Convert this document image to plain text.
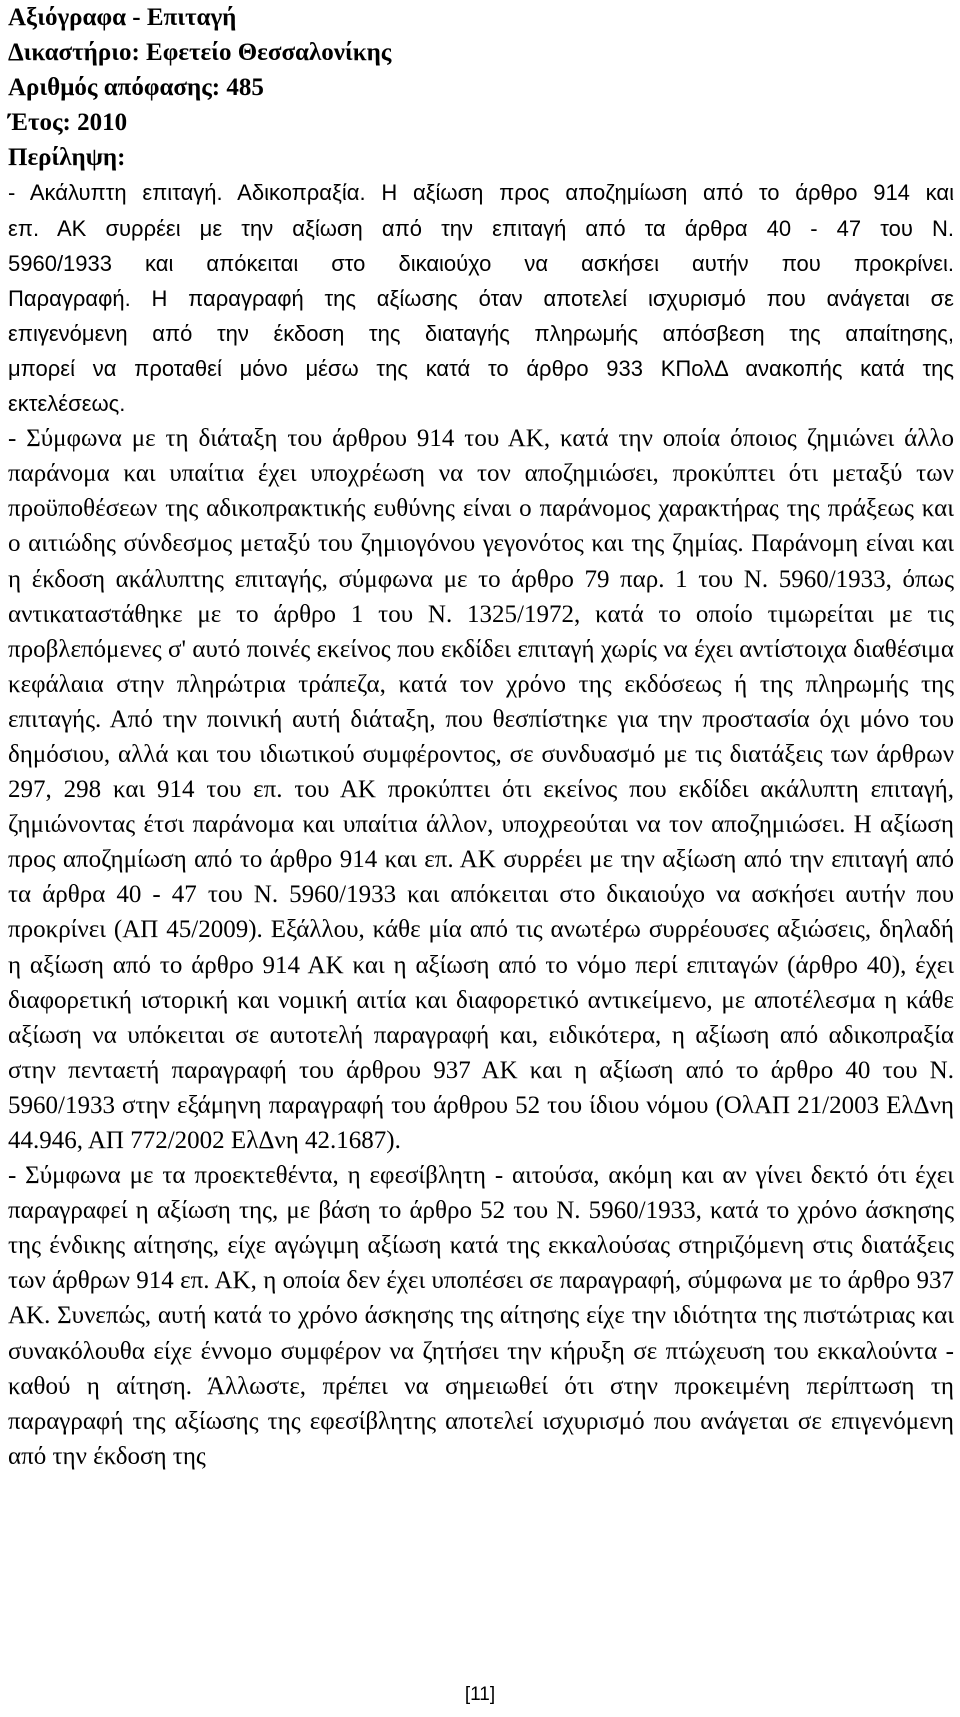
Αξιόγραφα - Επιταγή
Δικαστήριο: Εφετείο Θεσσαλονίκης
Αριθμός απόφασης: 485
Έτος: 2010
Περίληψη:
- Ακάλυπτη επιταγή. Αδικοπραξία. Η αξίωση προς αποζημίωση από το άρθρο 914 και
επ. ΑΚ συρρέει με την αξίωση από την επιταγή από τα άρθρα 40 - 47 του Ν.
5960/1933 και απόκειται στο δικαιούχο να ασκήσει αυτήν που προκρίνει.
Παραγραφή. Η παραγραφή της αξίωσης όταν αποτελεί ισχυρισμό που ανάγεται σε
επιγενόμενη από την έκδοση της διαταγής πληρωμής απόσβεση της απαίτησης,
μπορεί να προταθεί μόνο μέσω της κατά το άρθρο 933 ΚΠολΔ ανακοπής κατά της
εκτελέσεως.

- Σύμφωνα με τη διάταξη του άρθρου 914 του ΑΚ, κατά την οποία όποιος ζημιώνει άλλο παράνομα και υπαίτια έχει υποχρέωση να τον αποζημιώσει, προκύπτει ότι μεταξύ των προϋποθέσεων της αδικοπρακτικής ευθύνης είναι ο παράνομος χαρακτήρας της πράξεως και ο αιτιώδης σύνδεσμος μεταξύ του ζημιογόνου γεγονότος και της ζημίας. Παράνομη είναι και η έκδοση ακάλυπτης επιταγής, σύμφωνα με το άρθρο 79 παρ. 1 του Ν. 5960/1933, όπως αντικαταστάθηκε με το άρθρο 1 του Ν. 1325/1972, κατά το οποίο τιμωρείται με τις προβλεπόμενες σ' αυτό ποινές εκείνος που εκδίδει επιταγή χωρίς να έχει αντίστοιχα διαθέσιμα κεφάλαια στην πληρώτρια τράπεζα, κατά τον χρόνο της εκδόσεως ή της πληρωμής της επιταγής. Από την ποινική αυτή διάταξη, που θεσπίστηκε για την προστασία όχι μόνο του δημόσιου, αλλά και του ιδιωτικού συμφέροντος, σε συνδυασμό με τις διατάξεις των άρθρων 297, 298 και 914 του επ. του ΑΚ προκύπτει ότι εκείνος που εκδίδει ακάλυπτη επιταγή, ζημιώνοντας έτσι παράνομα και υπαίτια άλλον, υποχρεούται να τον αποζημιώσει. Η αξίωση προς αποζημίωση από το άρθρο 914 και επ. ΑΚ συρρέει με την αξίωση από την επιταγή από τα άρθρα 40 - 47 του Ν. 5960/1933 και απόκειται στο δικαιούχο να ασκήσει αυτήν που προκρίνει (ΑΠ 45/2009). Εξάλλου, κάθε μία από τις ανωτέρω συρρέουσες αξιώσεις, δηλαδή η αξίωση από το άρθρο 914 ΑΚ και η αξίωση από το νόμο περί επιταγών (άρθρο 40), έχει διαφορετική ιστορική και νομική αιτία και διαφορετικό αντικείμενο, με αποτέλεσμα η κάθε αξίωση να υπόκειται σε αυτοτελή παραγραφή και, ειδικότερα, η αξίωση από αδικοπραξία στην πενταετή παραγραφή του άρθρου 937 ΑΚ και η αξίωση από το άρθρο 40 του Ν. 5960/1933 στην εξάμηνη παραγραφή του άρθρου 52 του ίδιου νόμου (ΟλΑΠ 21/2003 ΕλΔνη 44.946, ΑΠ 772/2002 ΕλΔνη 42.1687).

- Σύμφωνα με τα προεκτεθέντα, η εφεσίβλητη - αιτούσα, ακόμη και αν γίνει δεκτό ότι έχει παραγραφεί η αξίωση της, με βάση το άρθρο 52 του Ν. 5960/1933, κατά το χρόνο άσκησης της ένδικης αίτησης, είχε αγώγιμη αξίωση κατά της εκκαλούσας στηριζόμενη στις διατάξεις των άρθρων 914 επ. ΑΚ, η οποία δεν έχει υποπέσει σε παραγραφή, σύμφωνα με το άρθρο 937 ΑΚ. Συνεπώς, αυτή κατά το χρόνο άσκησης της αίτησης είχε την ιδιότητα της πιστώτριας και συνακόλουθα είχε έννομο συμφέρον να ζητήσει την κήρυξη σε πτώχευση του εκκαλούντα - καθού η αίτηση. Άλλωστε, πρέπει να σημειωθεί ότι στην προκειμένη περίπτωση τη παραγραφή της αξίωσης της εφεσίβλητης αποτελεί ισχυρισμό που ανάγεται σε επιγενόμενη από την έκδοση της

[11]
